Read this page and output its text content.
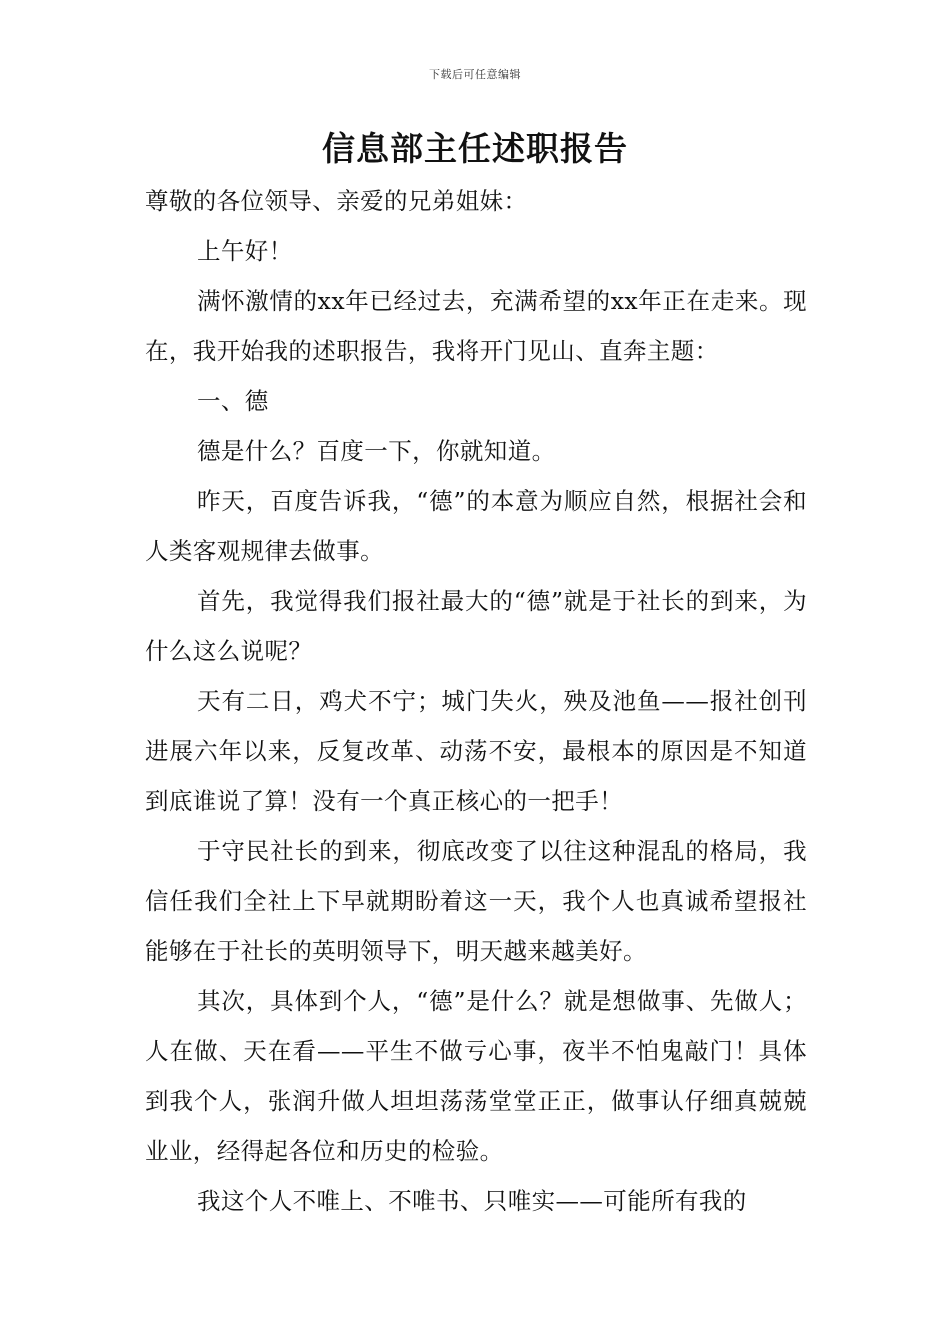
下载后可任意编辑
信息部主任述职报告

尊敬的各位领导、亲爱的兄弟姐妹：

上午好！

满怀激情的xx年已经过去，充满希望的xx年正在走来。现在，我开始我的述职报告，我将开门见山、直奔主题：

一、德

德是什么？百度一下，你就知道。

昨天，百度告诉我，“德”的本意为顺应自然，根据社会和人类客观规律去做事。

首先，我觉得我们报社最大的“德”就是于社长的到来，为什么这么说呢？

天有二日，鸡犬不宁；城门失火，殃及池鱼——报社创刊进展六年以来，反复改革、动荡不安，最根本的原因是不知道到底谁说了算！没有一个真正核心的一把手！

于守民社长的到来，彻底改变了以往这种混乱的格局，我信任我们全社上下早就期盼着这一天，我个人也真诚希望报社能够在于社长的英明领导下，明天越来越美好。

其次，具体到个人，“德”是什么？就是想做事、先做人；人在做、天在看——平生不做亏心事，夜半不怕鬼敲门！具体到我个人，张润升做人坦坦荡荡堂堂正正，做事认仔细真兢兢业业，经得起各位和历史的检验。

我这个人不唯上、不唯书、只唯实——可能所有我的
